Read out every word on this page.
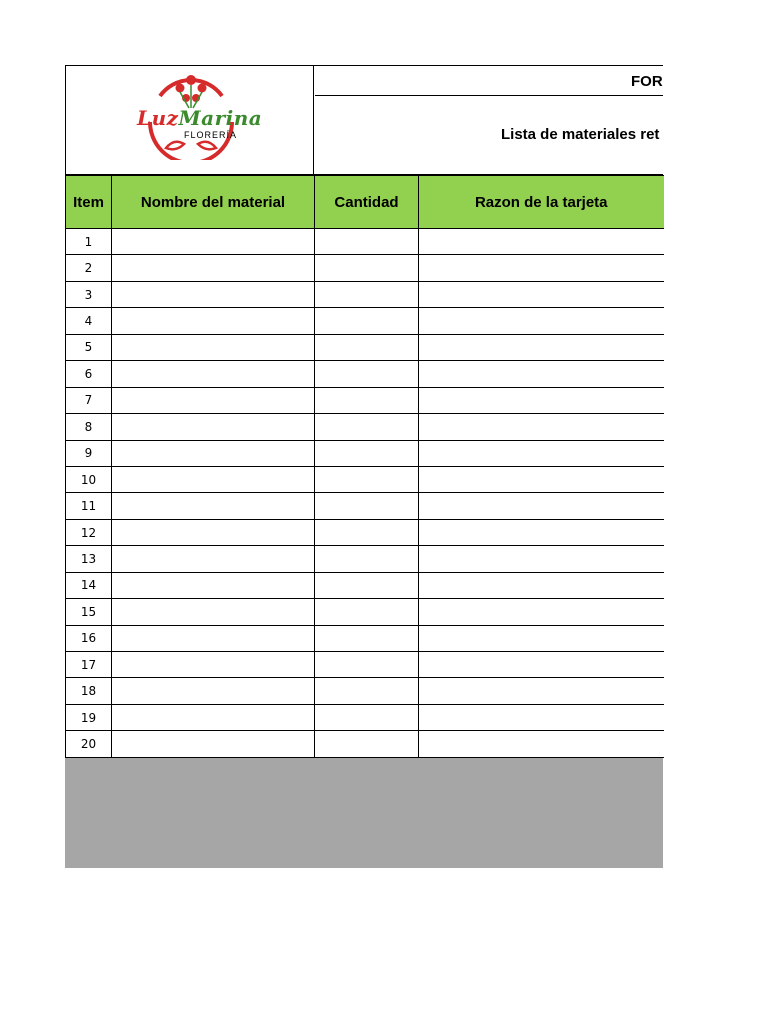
LuzMarina
FLORERÍA
FOR
Lista de materiales ret
Item	Nombre del material	Cantidad	Razon de la tarjeta
1			
2			
3			
4			
5			
6			
7			
8			
9			
10			
11			
12			
13			
14			
15			
16			
17			
18			
19			
20			
